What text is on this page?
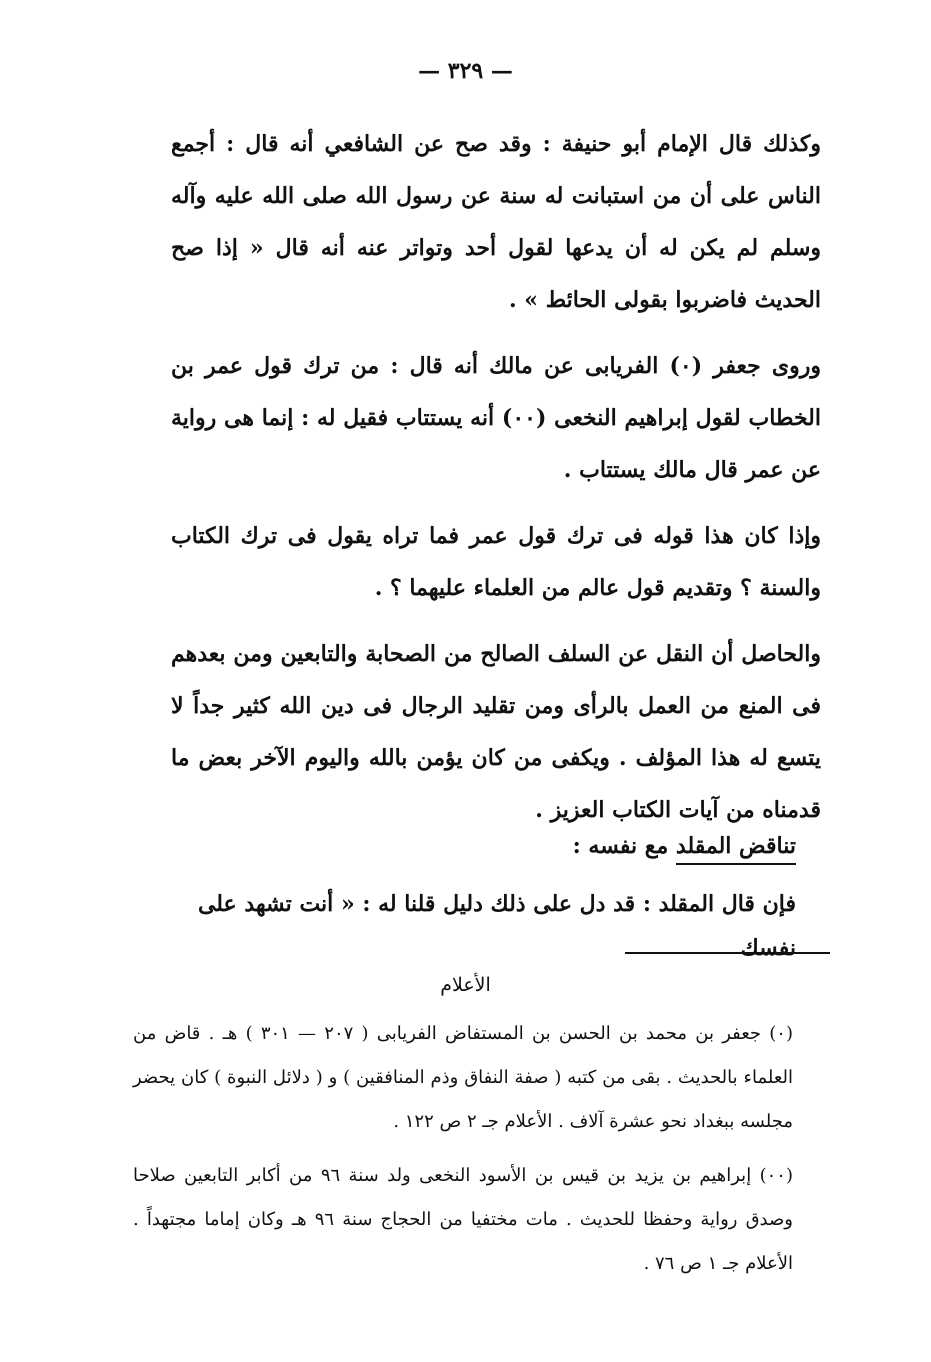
— ٣٢٩ —

وكذلك قال الإمام أبو حنيفة : وقد صح عن الشافعي أنه قال : أجمع الناس على أن من استبانت له سنة عن رسول الله صلى الله عليه وآله وسلم لم يكن له أن يدعها لقول أحد وتواتر عنه أنه قال « إذا صح الحديث فاضربوا بقولى الحائط » .

وروى جعفر (٠) الفريابى عن مالك أنه قال : من ترك قول عمر بن الخطاب لقول إبراهيم النخعى (٠٠) أنه يستتاب فقيل له : إنما هى رواية عن عمر قال مالك يستتاب .

وإذا كان هذا قوله فى ترك قول عمر فما تراه يقول فى ترك الكتاب والسنة ؟ وتقديم قول عالم من العلماء عليهما ؟ .

والحاصل أن النقل عن السلف الصالح من الصحابة والتابعين ومن بعدهم فى المنع من العمل بالرأى ومن تقليد الرجال فى دين الله كثير جداً لا يتسع له هذا المؤلف . ويكفى من كان يؤمن بالله واليوم الآخر بعض ما قدمناه من آيات الكتاب العزيز .

تناقض المقلد مع نفسه :
فإن قال المقلد : قد دل على ذلك دليل قلنا له : « أنت تشهد على نفسك
الأعلام

(٠) جعفر بن محمد بن الحسن بن المستفاض الفريابى ( ٢٠٧ — ٣٠١ ) هـ . قاض من العلماء بالحديث . بقى من كتبه ( صفة النفاق وذم المنافقين ) و ( دلائل النبوة ) كان يحضر مجلسه ببغداد نحو عشرة آلاف . الأعلام جـ ٢ ص ١٢٢ .

(٠٠) إبراهيم بن يزيد بن قيس بن الأسود النخعى ولد سنة ٩٦ من أكابر التابعين صلاحا وصدق رواية وحفظا للحديث . مات مختفيا من الحجاج سنة ٩٦ هـ وكان إماما مجتهداً . الأعلام جـ ١ ص ٧٦ .
